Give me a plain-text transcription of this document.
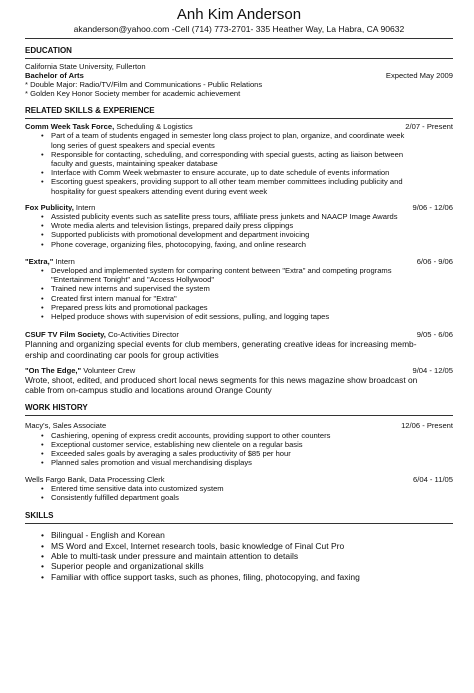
Anh Kim Anderson
akanderson@yahoo.com -Cell (714) 773-2701- 335 Heather Way, La Habra, CA 90632
EDUCATION
California State University, Fullerton
Bachelor of Arts	Expected May 2009
* Double Major: Radio/TV/Film and Communications - Public Relations
* Golden Key Honor Society member for academic achievement
RELATED SKILLS & EXPERIENCE
Comm Week Task Force, Scheduling & Logistics	2/07 - Present
• Part of a team of students engaged in semester long class project to plan, organize, and coordinate week
long series of guest speakers and special events
• Responsible for contacting, scheduling, and corresponding with special guests, acting as liaison between
faculty and guests, maintaining speaker database
• Interface with Comm Week webmaster to ensure accurate, up to date schedule of events information
• Escorting guest speakers, providing support to all other team member committees including publicity and
hospitality for guest speakers attending event during event week
Fox Publicity, Intern	9/06 - 12/06
• Assisted publicity events such as satellite press tours, affiliate press junkets and NAACP Image Awards
• Wrote media alerts and television listings, prepared daily press clippings
• Supported publicists with promotional development and department invoicing
• Phone coverage, organizing files, photocopying, faxing, and online research
"Extra," Intern	6/06 - 9/06
• Developed and implemented system for comparing content between "Extra" and competing programs
"Entertainment Tonight" and "Access Hollywood"
• Trained new interns and supervised the system
• Created first intern manual for "Extra"
• Prepared press kits and promotional packages
• Helped produce shows with supervision of edit sessions, pulling, and logging tapes
CSUF TV Film Society, Co-Activities Director	9/05 - 6/06
Planning and organizing special events for club members, generating creative ideas for increasing memb-
ership and coordinating car pools for group activities
"On The Edge," Volunteer Crew	9/04 - 12/05
Wrote, shoot, edited, and produced short local news segments for this news magazine show broadcast on
cable from on-campus studio and locations around Orange County
WORK HISTORY
Macy's, Sales Associate	12/06 - Present
• Cashiering, opening of express credit accounts, providing support to other counters
• Exceptional customer service, establishing new clientele on a regular basis
• Exceeded sales goals by averaging a sales productivity of $85 per hour
• Planned sales promotion and visual merchandising displays
Wells Fargo Bank, Data Processing Clerk	6/04 - 11/05
• Entered time sensitive data into customized system
• Consistently fulfilled department goals
SKILLS
• Bilingual - English and Korean
• MS Word and Excel, Internet research tools, basic knowledge of Final Cut Pro
• Able to multi-task under pressure and maintain attention to details
• Superior people and organizational skills
• Familiar with office support tasks, such as phones, filing, photocopying, and faxing
